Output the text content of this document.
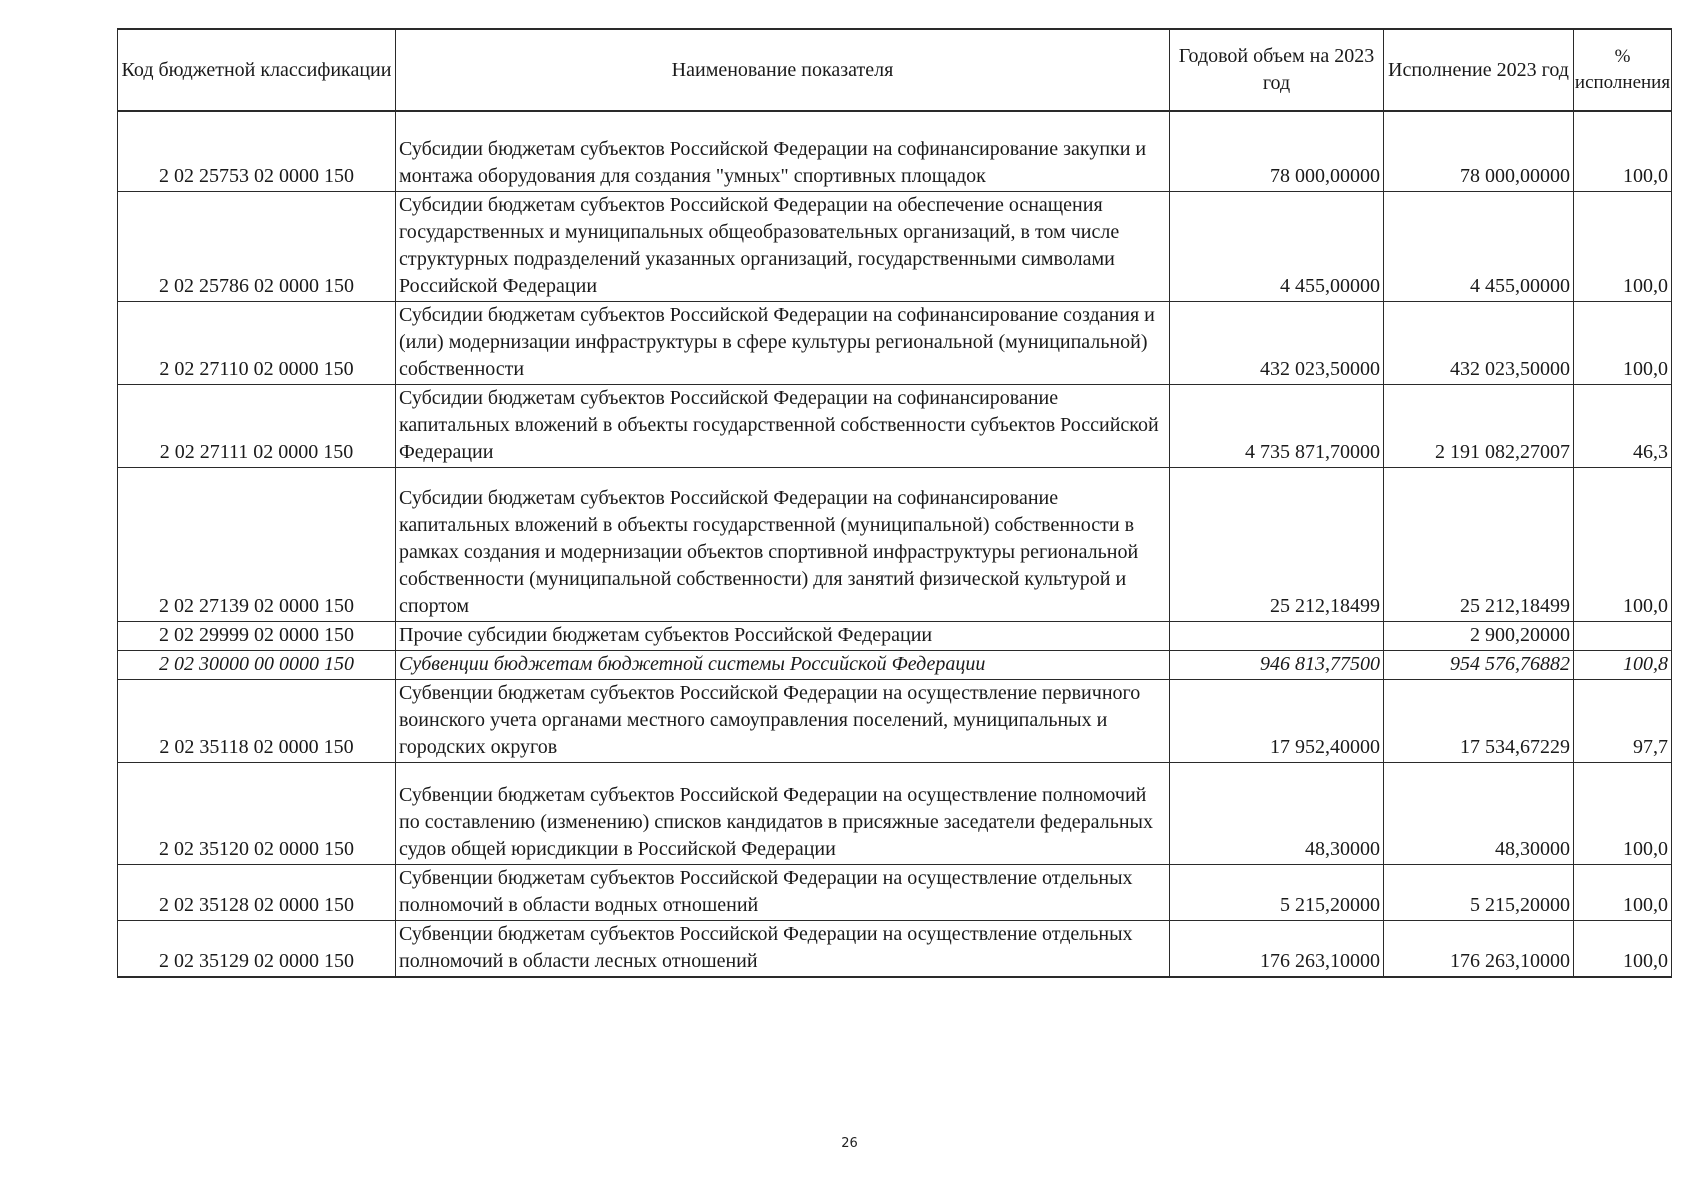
Код бюджетной классификации	Наименование показателя	Годовой объем на 2023 год	Исполнение 2023 год	% исполнения
2 02 25753 02 0000 150	Субсидии бюджетам субъектов Российской Федерации на софинансирование закупки и монтажа оборудования для создания "умных" спортивных площадок	78 000,00000	78 000,00000	100,0
2 02 25786 02 0000 150	Субсидии бюджетам субъектов Российской Федерации на обеспечение оснащения государственных и муниципальных общеобразовательных организаций, в том числе структурных подразделений указанных организаций, государственными символами Российской Федерации	4 455,00000	4 455,00000	100,0
2 02 27110 02 0000 150	Субсидии бюджетам субъектов Российской Федерации на софинансирование создания и (или) модернизации инфраструктуры в сфере культуры региональной (муниципальной) собственности	432 023,50000	432 023,50000	100,0
2 02 27111 02 0000 150	Субсидии бюджетам субъектов Российской Федерации на софинансирование капитальных вложений в объекты государственной собственности субъектов Российской Федерации	4 735 871,70000	2 191 082,27007	46,3
2 02 27139 02 0000 150	Субсидии бюджетам субъектов Российской Федерации на софинансирование капитальных вложений в объекты государственной (муниципальной) собственности в рамках создания и модернизации объектов спортивной инфраструктуры региональной собственности (муниципальной собственности) для занятий физической культурой и спортом	25 212,18499	25 212,18499	100,0
2 02 29999 02 0000 150	Прочие субсидии бюджетам субъектов Российской Федерации		2 900,20000	
2 02 30000 00 0000 150	Субвенции бюджетам бюджетной системы Российской Федерации	946 813,77500	954 576,76882	100,8
2 02 35118 02 0000 150	Субвенции бюджетам субъектов Российской Федерации на осуществление первичного воинского учета органами местного самоуправления поселений, муниципальных и городских округов	17 952,40000	17 534,67229	97,7
2 02 35120 02 0000 150	Субвенции бюджетам субъектов Российской Федерации на осуществление полномочий по составлению (изменению) списков кандидатов в присяжные заседатели федеральных судов общей юрисдикции в Российской Федерации	48,30000	48,30000	100,0
2 02 35128 02 0000 150	Субвенции бюджетам субъектов Российской Федерации на осуществление отдельных полномочий в области водных отношений	5 215,20000	5 215,20000	100,0
2 02 35129 02 0000 150	Субвенции бюджетам субъектов Российской Федерации на осуществление отдельных полномочий в области лесных отношений	176 263,10000	176 263,10000	100,0
26
